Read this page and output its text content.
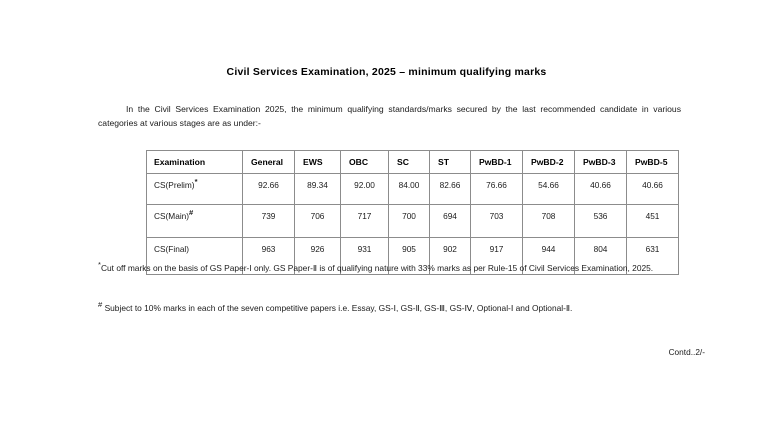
Civil Services Examination, 2025 – minimum qualifying marks
In the Civil Services Examination 2025, the minimum qualifying standards/marks secured by the last recommended candidate in various categories at various stages are as under:-
Examination	General	EWS	OBC	SC	ST	PwBD-1	PwBD-2	PwBD-3	PwBD-5
CS(Prelim)*	92.66	89.34	92.00	84.00	82.66	76.66	54.66	40.66	40.66
CS(Main)#	739	706	717	700	694	703	708	536	451
CS(Final)	963	926	931	905	902	917	944	804	631
*Cut off marks on the basis of GS Paper-I only. GS Paper-Ⅱ is of qualifying nature with 33% marks as per Rule-15 of Civil Services Examination, 2025.
# Subject to 10% marks in each of the seven competitive papers i.e. Essay, GS-Ⅰ, GS-Ⅱ, GS-Ⅲ, GS-Ⅳ, Optional-Ⅰ and Optional-Ⅱ.
Contd..2/-
